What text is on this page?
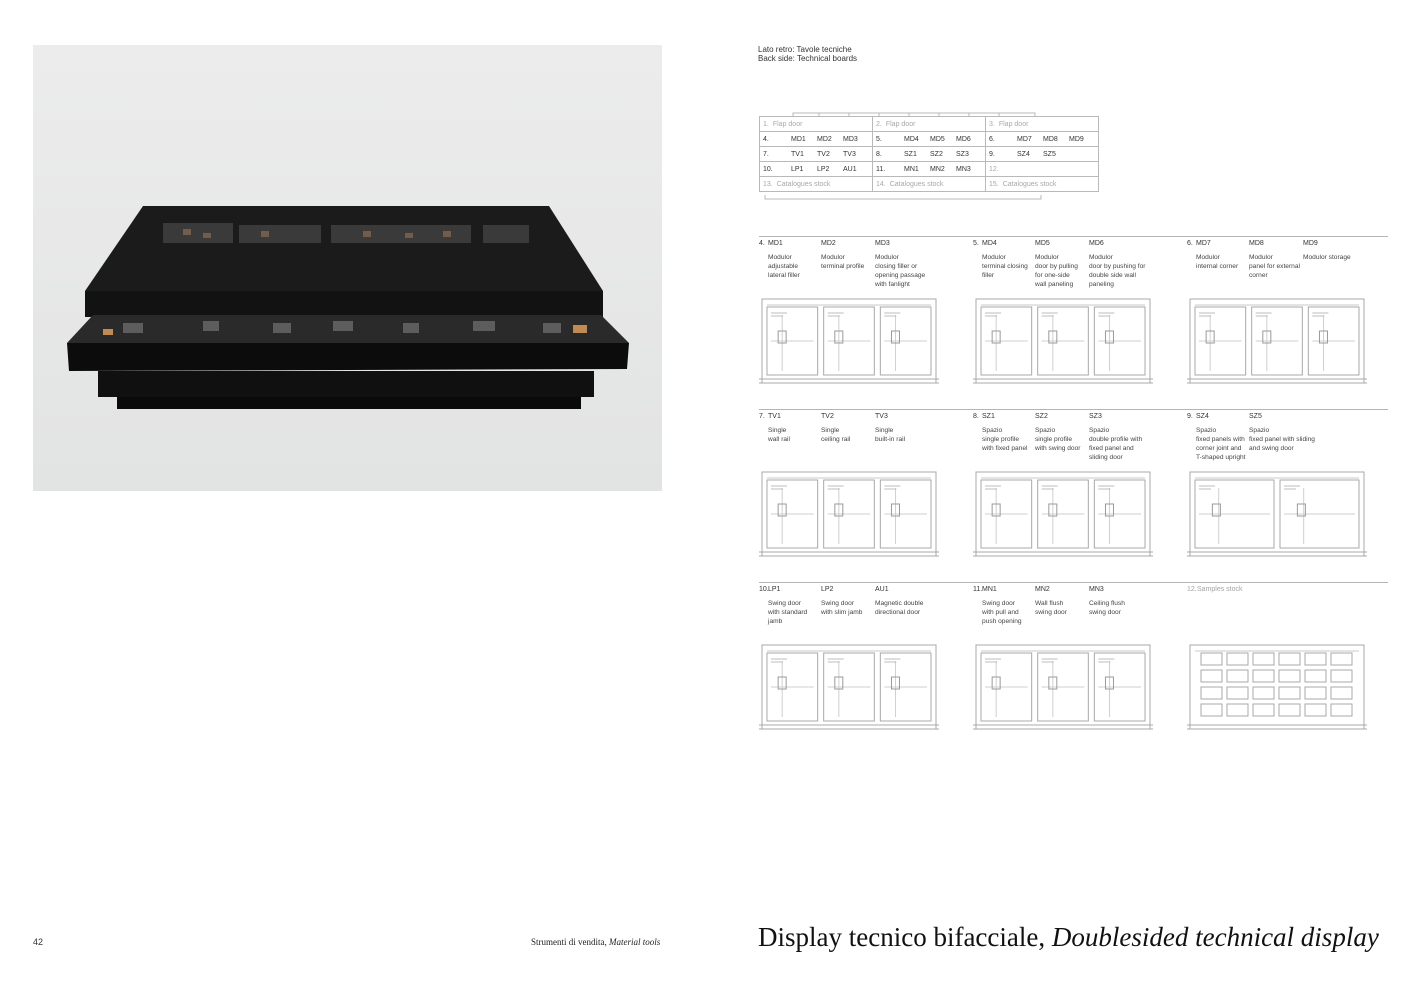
Lato retro: Tavole tecniche
Back side: Technical boards
1. Flap door	2. Flap door	3. Flap door
4. MD1 MD2 MD3	5. MD4 MD5 MD6	6. MD7 MD8 MD9
7. TV1 TV2 TV3	8. SZ1 SZ2 SZ3	9. SZ4 SZ5
10. LP1 LP2 AU1	11. MN1 MN2 MN3	12.
13. Catalogues stock	14. Catalogues stock	15. Catalogues stock
4. MD1
Modulor
adjustable
lateral filler
MD2
Modulor
terminal profile
MD3
Modulor
closing filler or
opening passage
with fanlight
5. MD4
Modulor
terminal closing
filler
MD5
Modulor
door by pulling
for one-side
wall paneling
MD6
Modulor
door by pushing for
double side wall
paneling
6. MD7
Modulor
internal corner
MD8
Modulor
panel for external
corner
MD9
Modulor storage
7. TV1
Single
wall rail
TV2
Single
ceiling rail
TV3
Single
built-in rail
8. SZ1
Spazio
single profile
with fixed panel
SZ2
Spazio
single profile
with swing door
SZ3
Spazio
double profile with
fixed panel and
sliding door
9. SZ4
Spazio
fixed panels with
corner joint and
T-shaped upright
SZ5
Spazio
fixed panel with sliding
and swing door
10. LP1
Swing door
with standard
jamb
LP2
Swing door
with slim jamb
AU1
Magnetic double
directional door
11. MN1
Swing door
with pull and
push opening
MN2
Wall flush
swing door
MN3
Ceiling flush
swing door
12. Samples stock
42	Strumenti di vendita, Material tools	Display tecnico bifacciale, Doublesided technical display
